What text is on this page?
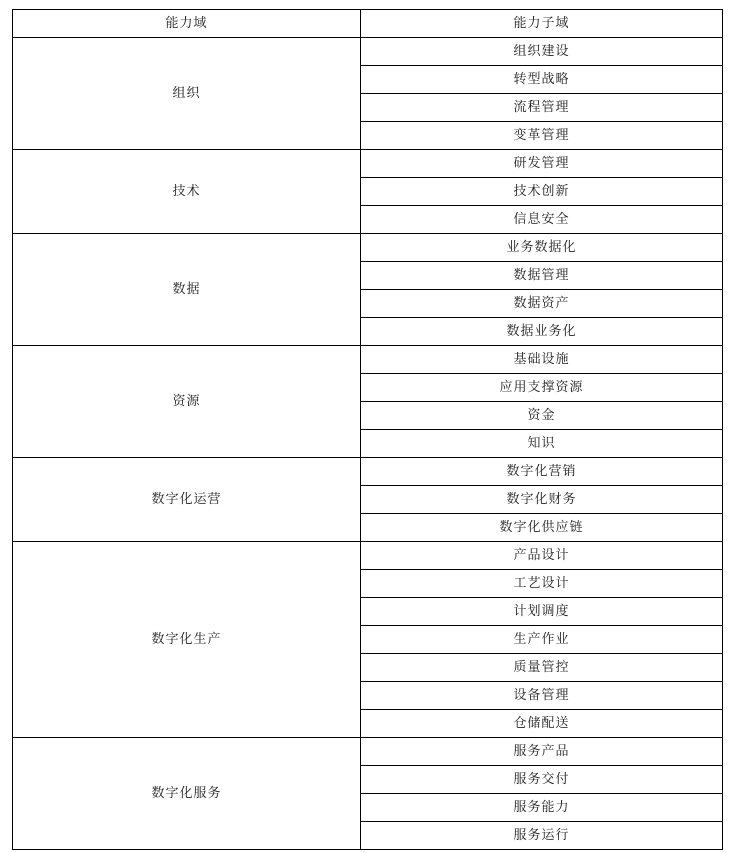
能力域	能力子域
组织	组织建设
	转型战略
	流程管理
	变革管理
技术	研发管理
	技术创新
	信息安全
数据	业务数据化
	数据管理
	数据资产
	数据业务化
资源	基础设施
	应用支撑资源
	资金
	知识
数字化运营	数字化营销
	数字化财务
	数字化供应链
数字化生产	产品设计
	工艺设计
	计划调度
	生产作业
	质量管控
	设备管理
	仓储配送
数字化服务	服务产品
	服务交付
	服务能力
	服务运行
